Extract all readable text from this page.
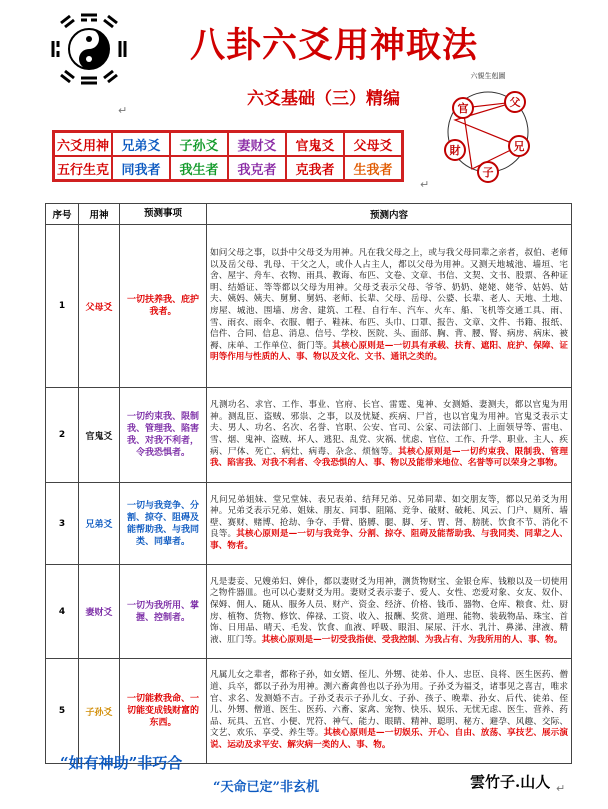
八卦六爻用神取法
六爻基础（三）精编
↵
↵
↵
六親生剋圖
父
官
兄
財
子
六爻用神 兄弟爻	子孙爻	妻财爻	官鬼爻	父母爻
五行生克 同我者	我生者	我克者	克我者	生我者
序号	用神	预测事项	预测内容
1	父母爻	一切扶养我、庇护我者。	如问父母之事，以卦中父母爻为用神。凡在我父母之上，或与我父母同辈之亲者，叔伯、老师以及岳父母、乳母、干父之人，或仆人占主人，都以父母为用神。又测天地城池、墙垣、宅舍、屋宇、舟车、衣物、雨具、教诲、布匹、文卷、文章、书信、文契、文书、股票、各种证明、结婚证、等等都以父母为用神。父母爻表示父母、爷爷、奶奶、姥姥、姥爷、姑妈、姑夫、姨妈、姨夫、舅舅、舅妈、老师、长辈、父母、岳母、公婆、长辈、老人、天地、土地、房屋、城池、围墙、房舍、建筑、工程、自行车、汽车、火车、船、飞机等交通工具、雨、雪、雨衣、雨伞、衣服、帽子、鞋袜、布匹、头巾、口罩、报告、文章、文件、书籍、报纸、信件、合同、信息、消息、信号、学校、医院、头、面部、胸、背、腰、腎、病房、病床、被褥、床单、工作单位、衙门等。其核心原则是—一切具有承载、扶育、遮阳、庇护、保障、证明等作用与性质的人、事、物以及文化、文书、通讯之类的。
2	官鬼爻	一切约束我、限制我、管理我、陷害我、对我不利者，令我恐惧者。	凡测功名、求官、工作、事业、官府、长官、雷霆、鬼神、女测婚、妻测夫，都以官鬼为用神。测乱臣、盗贼、邪祟、之事，以及忧疑、疾病、尸首，也以官鬼为用神。官鬼爻表示丈夫、男人、功名、名次、名誉、官职、公安、官司、公家、司法部门、上面领导等、雷电、雪、烟、鬼神、盗贼、坏人、逃犯、乱党、灾祸、忧虑、官位、工作、升学、职业、主人、疾病、尸体、死亡、病灶、病毒、杂念、烦恼等。其核心原则是—一切约束我、限制我、管理我、陷害我、对我不利者、令我恐惧的人、事、物以及能带来地位、名誉等可以荣身之事物。
3	兄弟爻	一切与我竞争、分割、掠夺、阻碍及能帮助我、与我同类、同辈者。	凡问兄弟姐妹、堂兄堂妹、表兄表弟、结拜兄弟、兄弟同辈、如交朋友等，都以兄弟爻为用神。兄弟爻表示兄弟、姐妹、朋友、同事、阻隔、竞争、破财、破耗、风云、门户、厕所、墙壁、赛财、赌博、抢劫、争夺、手臂、胳膊、腿、脚、牙、胃、肾、膀胱、饮食不节、消化不良等。其核心原则是—一切与我竞争、分割、掠夺、阻碍及能帮助我、与我同类、同辈之人、事、物者。
4	妻财爻	一切为我所用、掌握、控制者。	凡是妻妾、兄嫂弟妇、婢仆，都以妻财爻为用神，测货物财宝、金银仓库、钱粮以及一切使用之物件器皿。也可以心妻财爻为用。妻财爻表示妻子、爱人、女性、恋爱对象、女友、奴仆、保姆、佣人、随从、服务人员、财产、资金、经济、价格、钱币、器物、仓库、粮食、灶、厨房、植物、货物、修饮、俸禄、工资、收入、报酬、奖赏、道理、能物、装载物品、珠宝、首饰、日用品、晴天、毛发、饮食、血液、呼吸、眼泪、屎尿、汗水、乳汁、鼻涕、津液、精液、肛门等。其核心原则是—一切受我指使、受我控制、为我占有、为我所用的人、事、物。
5	子孙爻	一切能救我命、一切能变成钱财富的东西。	凡属儿女之辈者，都称子孙，如女婿、侄儿、外甥、徒弟、仆人、忠臣、良将、医生医药、僧道、兵卒，都以子孙为用神。测六畜禽兽也以子孙为用。子孙爻为福爻，诸事见之喜吉，唯求官、求名、发测婚不吉。子孙爻表示子孙儿女、子孙、孩子、晚辈、孙女、后代、徒弟、侄儿、外甥、僧道、医生、医药、六畜、家禽、宠物、快乐、娱乐、无忧无虑、医生、营养、药品、玩具、五官、小便、咒符、神气、能力、眼睛、精神、聪明、秘方、避孕、风趣、交际、文艺、欢乐、享受、养生等。其核心原则是—一切娱乐、开心、自由、放荡、享技艺、展示演说、运动及求平安、解灾病一类的人、事、物。
“如有神助”非巧合
“天命已定”非玄机	雲竹子.山人
